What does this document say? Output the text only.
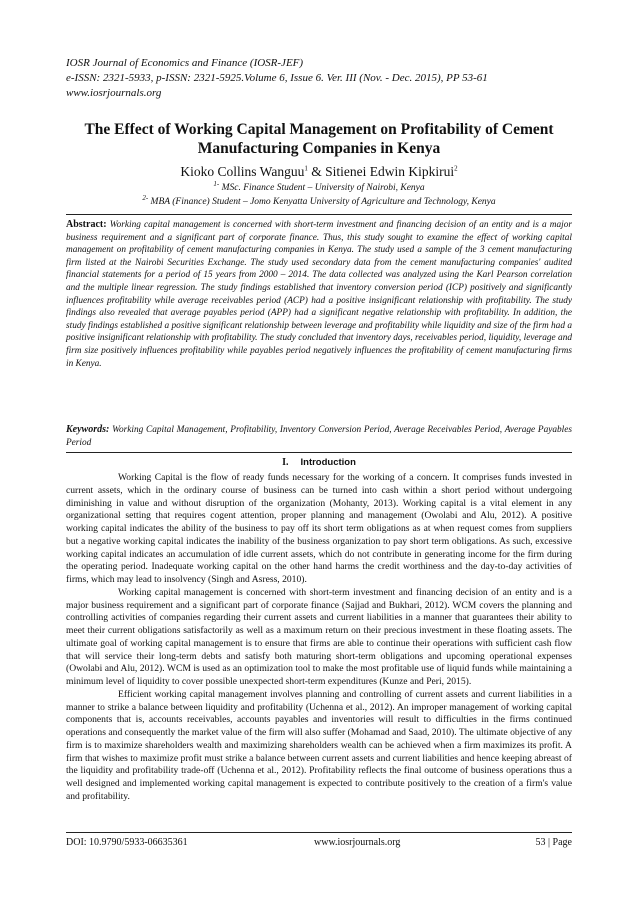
IOSR Journal of Economics and Finance (IOSR-JEF)
e-ISSN: 2321-5933, p-ISSN: 2321-5925.Volume 6, Issue 6. Ver. III (Nov. - Dec. 2015), PP 53-61
www.iosrjournals.org
The Effect of Working Capital Management on Profitability of Cement Manufacturing Companies in Kenya
Kioko Collins Wanguu$^1$ & Sitienei Edwin Kipkirui$^2$
$^{1-}$ MSc. Finance Student – University of Nairobi, Kenya
$^{2-}$ MBA (Finance) Student – Jomo Kenyatta University of Agriculture and Technology, Kenya
Abstract: Working capital management is concerned with short-term investment and financing decision of an entity and is a major business requirement and a significant part of corporate finance. Thus, this study sought to examine the effect of working capital management on profitability of cement manufacturing companies in Kenya. The study used a sample of the 3 cement manufacturing firm listed at the Nairobi Securities Exchange. The study used secondary data from the cement manufacturing companies' audited financial statements for a period of 15 years from 2000 – 2014. The data collected was analyzed using the Karl Pearson correlation and the multiple linear regression. The study findings established that inventory conversion period (ICP) positively and significantly influences profitability while average receivables period (ACP) had a positive insignificant relationship with profitability. The study findings also revealed that average payables period (APP) had a significant negative relationship with profitability. In addition, the study findings established a positive significant relationship between leverage and profitability while liquidity and size of the firm had a positive insignificant relationship with profitability. The study concluded that inventory days, receivables period, liquidity, leverage and firm size positively influences profitability while payables period negatively influences the profitability of cement manufacturing firms in Kenya.
Keywords: Working Capital Management, Profitability, Inventory Conversion Period, Average Receivables Period, Average Payables Period
I. Introduction

Working Capital is the flow of ready funds necessary for the working of a concern. It comprises funds invested in current assets, which in the ordinary course of business can be turned into cash within a short period without undergoing diminishing in value and without disruption of the organization (Mohanty, 2013). Working capital is a vital element in any organizational setting that requires cogent attention, proper planning and management (Owolabi and Alu, 2012). A positive working capital indicates the ability of the business to pay off its short term obligations as at when request comes from suppliers but a negative working capital indicates the inability of the business organization to pay short term obligations. As such, excessive working capital indicates an accumulation of idle current assets, which do not contribute in generating income for the firm during the operating period. Inadequate working capital on the other hand harms the credit worthiness and the day-to-day activities of firms, which may lead to insolvency (Singh and Asress, 2010).

Working capital management is concerned with short-term investment and financing decision of an entity and is a major business requirement and a significant part of corporate finance (Sajjad and Bukhari, 2012). WCM covers the planning and controlling activities of companies regarding their current assets and current liabilities in a manner that guarantees their ability to meet their current obligations satisfactorily as well as a maximum return on their precious investment in these floating assets. The ultimate goal of working capital management is to ensure that firms are able to continue their operations with sufficient cash flow that will service their long-term debts and satisfy both maturing short-term obligations and upcoming operational expenses (Owolabi and Alu, 2012). WCM is used as an optimization tool to make the most profitable use of liquid funds while maintaining a minimum level of liquidity to cover possible unexpected short-term expenditures (Kunze and Peri, 2015).

Efficient working capital management involves planning and controlling of current assets and current liabilities in a manner to strike a balance between liquidity and profitability (Uchenna et al., 2012). An improper management of working capital components that is, accounts receivables, accounts payables and inventories will result to difficulties in the firms continued operations and consequently the market value of the firm will also suffer (Mohamad and Saad, 2010). The ultimate objective of any firm is to maximize shareholders wealth and maximizing shareholders wealth can be achieved when a firm maximizes its profit. A firm that wishes to maximize profit must strike a balance between current assets and current liabilities and hence keeping abreast of the liquidity and profitability trade-off (Uchenna et al., 2012). Profitability reflects the final outcome of business operations thus a well designed and implemented working capital management is expected to contribute positively to the creation of a firm's value and profitability.

DOI: 10.9790/5933-06635361	www.iosrjournals.org	53 | Page
